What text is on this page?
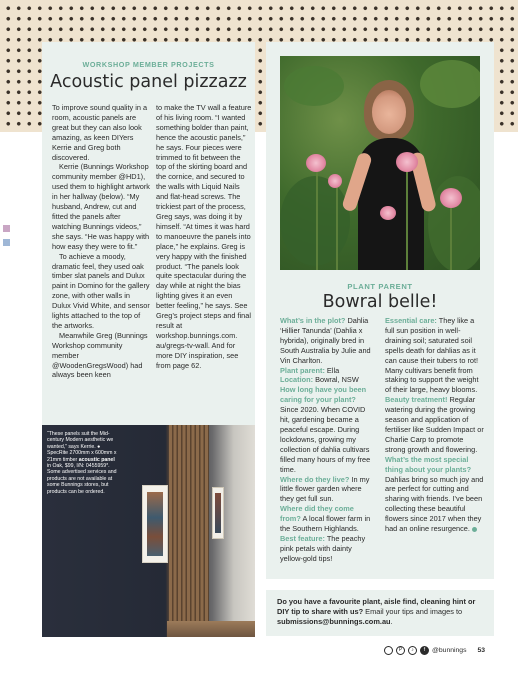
WORKSHOP MEMBER PROJECTS
Acoustic panel pizzazz

To improve sound quality in a room, acoustic panels are great but they can also look amazing, as keen DIYers Kerrie and Greg both discovered.

Kerrie (Bunnings Workshop community member @HD1), used them to highlight artwork in her hallway (below). “My husband, Andrew, cut and fitted the panels after watching Bunnings videos,” she says. “He was happy with how easy they were to fit.”

To achieve a moody, dramatic feel, they used oak timber slat panels and Dulux paint in Domino for the gallery zone, with other walls in Dulux Vivid White, and sensor lights attached to the top of the artworks.

Meanwhile Greg (Bunnings Workshop community member @WoodenGregsWood) had always been keen

to make the TV wall a feature of his living room. “I wanted something bolder than paint, hence the acoustic panels,” he says. Four pieces were trimmed to fit between the top of the skirting board and the cornice, and secured to the walls with Liquid Nails and flat-head screws. The trickiest part of the process, Greg says, was doing it by himself. “At times it was hard to manoeuvre the panels into place,” he explains. Greg is very happy with the finished product. “The panels look quite spectacular during the day while at night the bias lighting gives it an even better feeling,” he says. See Greg’s project steps and final result at workshop.bunnings.com. au/gregs-tv-wall. And for more DIY inspiration, see from page 62.

“These panels suit the Mid-century Modern aesthetic we wanted,” says Kerrie. ● SpecRite 2700mm x 600mm x 21mm timber acoustic panel in Oak, $99, I/N: 0455959*. Some advertised services and products are not available at some Bunnings stores, but products can be ordered.
PLANT PARENT
Bowral belle!

What’s in the plot? Dahlia ‘Hillier Tanunda’ (Dahlia x hybrida), originally bred in South Australia by Julie and Vin Charlton.

Plant parent: Ella

Location: Bowral, NSW

How long have you been caring for your plant? Since 2020. When COVID hit, gardening became a peaceful escape. During lockdowns, growing my collection of dahlia cultivars filled many hours of my free time.

Where do they live? In my little flower garden where they get full sun.

Where did they come from? A local flower farm in the Southern Highlands.

Best feature: The peachy pink petals with dainty yellow-gold tips!

Essential care: They like a full sun position in well-draining soil; saturated soil spells death for dahlias as it can cause their tubers to rot! Many cultivars benefit from staking to support the weight of their large, heavy blooms.

Beauty treatment! Regular watering during the growing season and application of fertiliser like Sudden Impact or Charlie Carp to promote strong growth and flowering.

What’s the most special thing about your plants? Dahlias bring so much joy and are perfect for cutting and sharing with friends. I’ve been collecting these beautiful flowers since 2017 when they had an online resurgence.

Do you have a favourite plant, aisle find, cleaning hint or DIY tip to share with us? Email your tips and images to submissions@bunnings.com.au.
P	♪	f	@bunnings 53
